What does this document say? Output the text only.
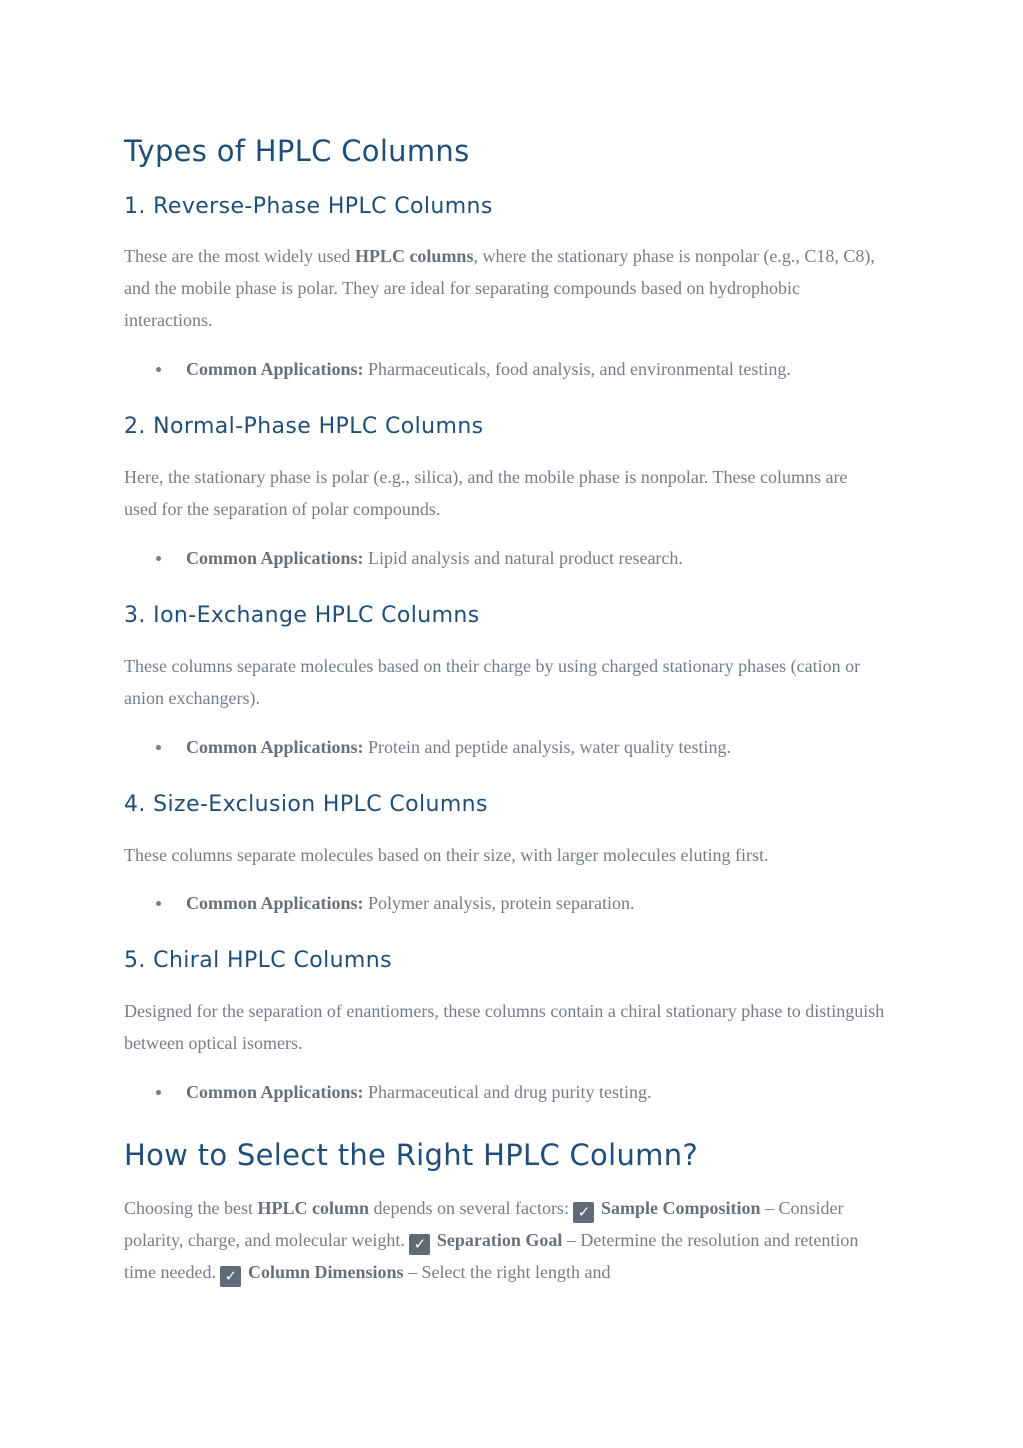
Types of HPLC Columns
1. Reverse-Phase HPLC Columns

These are the most widely used HPLC columns, where the stationary phase is nonpolar (e.g., C18, C8), and the mobile phase is polar. They are ideal for separating compounds based on hydrophobic interactions.

Common Applications: Pharmaceuticals, food analysis, and environmental testing.
2. Normal-Phase HPLC Columns

Here, the stationary phase is polar (e.g., silica), and the mobile phase is nonpolar. These columns are used for the separation of polar compounds.

Common Applications: Lipid analysis and natural product research.
3. Ion-Exchange HPLC Columns

These columns separate molecules based on their charge by using charged stationary phases (cation or anion exchangers).

Common Applications: Protein and peptide analysis, water quality testing.
4. Size-Exclusion HPLC Columns

These columns separate molecules based on their size, with larger molecules eluting first.

Common Applications: Polymer analysis, protein separation.
5. Chiral HPLC Columns

Designed for the separation of enantiomers, these columns contain a chiral stationary phase to distinguish between optical isomers.

Common Applications: Pharmaceutical and drug purity testing.
How to Select the Right HPLC Column?

Choosing the best HPLC column depends on several factors: ✓ Sample Composition – Consider polarity, charge, and molecular weight. ✓ Separation Goal – Determine the resolution and retention time needed. ✓ Column Dimensions – Select the right length and
